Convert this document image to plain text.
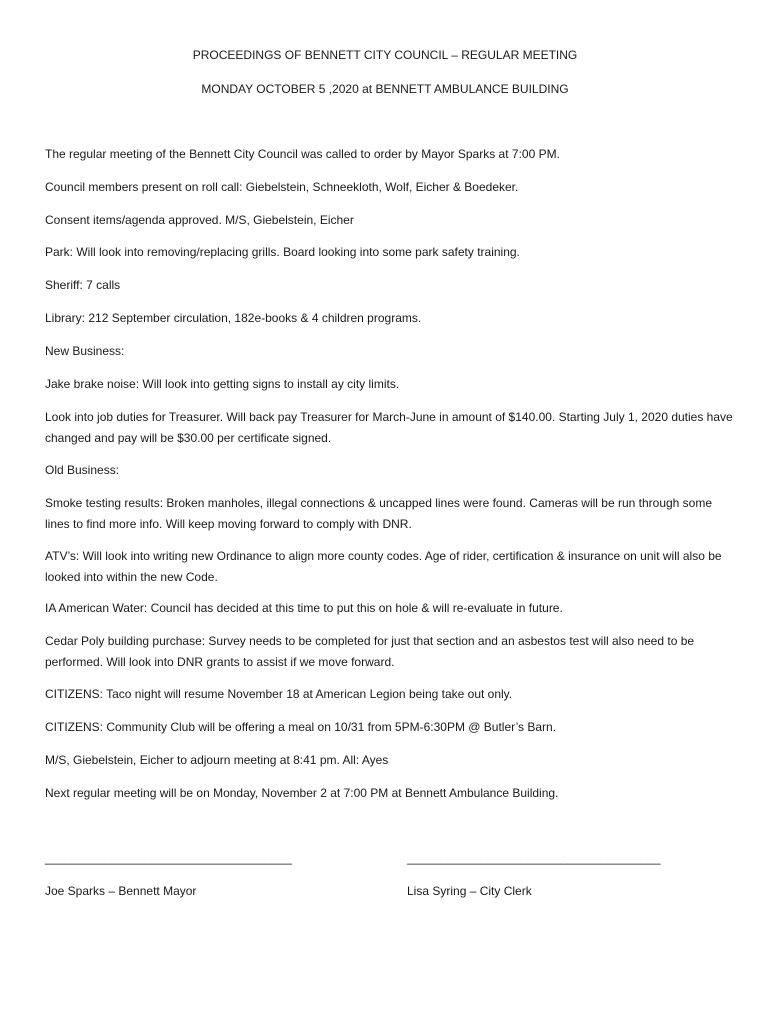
PROCEEDINGS OF BENNETT CITY COUNCIL – REGULAR MEETING
MONDAY OCTOBER 5 ,2020 at BENNETT AMBULANCE BUILDING
The regular meeting of the Bennett City Council was called to order by Mayor Sparks at 7:00 PM.
Council members present on roll call: Giebelstein, Schneekloth, Wolf, Eicher & Boedeker.
Consent items/agenda approved. M/S, Giebelstein, Eicher
Park: Will look into removing/replacing grills. Board looking into some park safety training.
Sheriff: 7 calls
Library: 212 September circulation, 182e-books & 4 children programs.
New Business:
Jake brake noise: Will look into getting signs to install ay city limits.
Look into job duties for Treasurer. Will back pay Treasurer for March-June in amount of $140.00. Starting July 1, 2020 duties have changed and pay will be $30.00 per certificate signed.
Old Business:
Smoke testing results: Broken manholes, illegal connections & uncapped lines were found. Cameras will be run through some lines to find more info. Will keep moving forward to comply with DNR.
ATV’s: Will look into writing new Ordinance to align more county codes. Age of rider, certification & insurance on unit will also be looked into within the new Code.
IA American Water: Council has decided at this time to put this on hole & will re-evaluate in future.
Cedar Poly building purchase: Survey needs to be completed for just that section and an asbestos test will also need to be performed. Will look into DNR grants to assist if we move forward.
CITIZENS: Taco night will resume November 18 at American Legion being take out only.
CITIZENS: Community Club will be offering a meal on 10/31 from 5PM-6:30PM @ Butler’s Barn.
M/S, Giebelstein, Eicher to adjourn meeting at 8:41 pm. All: Ayes
Next regular meeting will be on Monday, November 2 at 7:00 PM at Bennett Ambulance Building.
_____________________________________	______________________________________
Joe Sparks – Bennett Mayor	Lisa Syring – City Clerk
